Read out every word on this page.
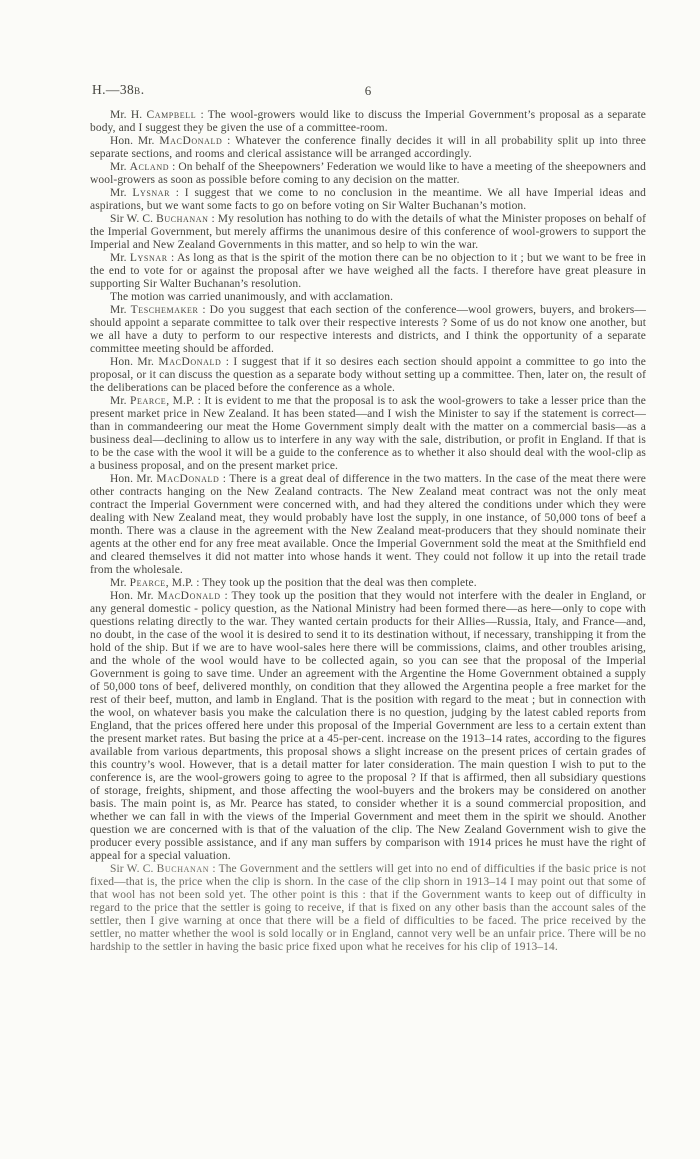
H.—38b.	6

Mr. H. Campbell : The wool-growers would like to discuss the Imperial Government’s proposal as a separate body, and I suggest they be given the use of a committee-room.

Hon. Mr. MacDonald : Whatever the conference finally decides it will in all probability split up into three separate sections, and rooms and clerical assistance will be arranged accordingly.

Mr. Acland : On behalf of the Sheepowners’ Federation we would like to have a meeting of the sheepowners and wool-growers as soon as possible before coming to any decision on the matter.

Mr. Lysnar : I suggest that we come to no conclusion in the meantime. We all have Imperial ideas and aspirations, but we want some facts to go on before voting on Sir Walter Buchanan’s motion.

Sir W. C. Buchanan : My resolution has nothing to do with the details of what the Minister proposes on behalf of the Imperial Government, but merely affirms the unanimous desire of this conference of wool-growers to support the Imperial and New Zealand Governments in this matter, and so help to win the war.

Mr. Lysnar : As long as that is the spirit of the motion there can be no objection to it ; but we want to be free in the end to vote for or against the proposal after we have weighed all the facts. I therefore have great pleasure in supporting Sir Walter Buchanan’s resolution.

The motion was carried unanimously, and with acclamation.

Mr. Teschemaker : Do you suggest that each section of the conference—wool growers, buyers, and brokers—should appoint a separate committee to talk over their respective interests ? Some of us do not know one another, but we all have a duty to perform to our respective interests and districts, and I think the opportunity of a separate committee meeting should be afforded.

Hon. Mr. MacDonald : I suggest that if it so desires each section should appoint a committee to go into the proposal, or it can discuss the question as a separate body without setting up a committee. Then, later on, the result of the deliberations can be placed before the conference as a whole.

Mr. Pearce, M.P. : It is evident to me that the proposal is to ask the wool-growers to take a lesser price than the present market price in New Zealand. It has been stated—and I wish the Minister to say if the statement is correct—than in commandeering our meat the Home Government simply dealt with the matter on a commercial basis—as a business deal—declining to allow us to interfere in any way with the sale, distribution, or profit in England. If that is to be the case with the wool it will be a guide to the conference as to whether it also should deal with the wool-clip as a business proposal, and on the present market price.

Hon. Mr. MacDonald : There is a great deal of difference in the two matters. In the case of the meat there were other contracts hanging on the New Zealand contracts. The New Zealand meat contract was not the only meat contract the Imperial Government were concerned with, and had they altered the conditions under which they were dealing with New Zealand meat, they would probably have lost the supply, in one instance, of 50,000 tons of beef a month. There was a clause in the agreement with the New Zealand meat-producers that they should nominate their agents at the other end for any free meat available. Once the Imperial Government sold the meat at the Smithfield end and cleared themselves it did not matter into whose hands it went. They could not follow it up into the retail trade from the wholesale.

Mr. Pearce, M.P. : They took up the position that the deal was then complete.

Hon. Mr. MacDonald : They took up the position that they would not interfere with the dealer in England, or any general domestic - policy question, as the National Ministry had been formed there—as here—only to cope with questions relating directly to the war. They wanted certain products for their Allies—Russia, Italy, and France—and, no doubt, in the case of the wool it is desired to send it to its destination without, if necessary, transhipping it from the hold of the ship. But if we are to have wool-sales here there will be commissions, claims, and other troubles arising, and the whole of the wool would have to be collected again, so you can see that the proposal of the Imperial Government is going to save time. Under an agreement with the Argentine the Home Government obtained a supply of 50,000 tons of beef, delivered monthly, on condition that they allowed the Argentina people a free market for the rest of their beef, mutton, and lamb in England. That is the position with regard to the meat ; but in connection with the wool, on whatever basis you make the calculation there is no question, judging by the latest cabled reports from England, that the prices offered here under this proposal of the Imperial Government are less to a certain extent than the present market rates. But basing the price at a 45-per-cent. increase on the 1913–14 rates, according to the figures available from various departments, this proposal shows a slight increase on the present prices of certain grades of this country’s wool. However, that is a detail matter for later consideration. The main question I wish to put to the conference is, are the wool-growers going to agree to the proposal ? If that is affirmed, then all subsidiary questions of storage, freights, shipment, and those affecting the wool-buyers and the brokers may be considered on another basis. The main point is, as Mr. Pearce has stated, to consider whether it is a sound commercial proposition, and whether we can fall in with the views of the Imperial Government and meet them in the spirit we should. Another question we are concerned with is that of the valuation of the clip. The New Zealand Government wish to give the producer every possible assistance, and if any man suffers by comparison with 1914 prices he must have the right of appeal for a special valuation.

Sir W. C. Buchanan : The Government and the settlers will get into no end of difficulties if the basic price is not fixed—that is, the price when the clip is shorn. In the case of the clip shorn in 1913–14 I may point out that some of that wool has not been sold yet. The other point is this : that if the Government wants to keep out of difficulty in regard to the price that the settler is going to receive, if that is fixed on any other basis than the account sales of the settler, then I give warning at once that there will be a field of difficulties to be faced. The price received by the settler, no matter whether the wool is sold locally or in England, cannot very well be an unfair price. There will be no hardship to the settler in having the basic price fixed upon what he receives for his clip of 1913–14.
